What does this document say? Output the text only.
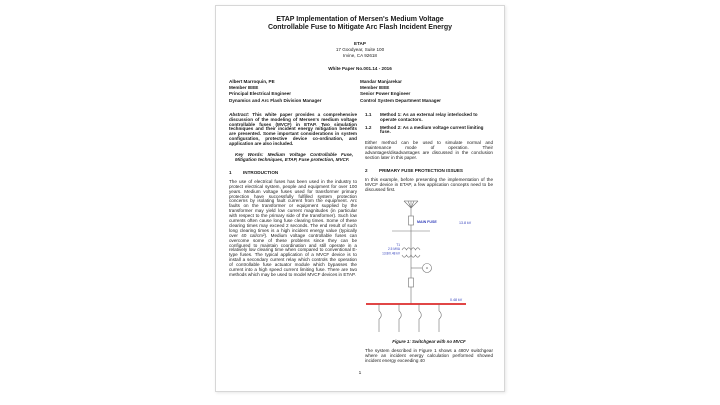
ETAP Implementation of Mersen's Medium Voltage
Controllable Fuse to Mitigate Arc Flash Incident Energy
ETAP
17 Goodyear, Suite 100
Irvine, CA 92618
White Paper No.001.14 - 2016
Albert Marroquin, PE
Member IEEE
Principal Electrical Engineer
Dynamics and Arc Flash Division Manager
Mandar Manjarekar
Member IEEE
Senior Power Engineer
Control System Department Manager

Abstract: This white paper provides a comprehensive discussion of the modeling of Mersen's medium voltage controllable fuses (MVCF) in ETAP. Two simulation techniques and their incident energy mitigation benefits are presented. Some important considerations in system configuration, protective device co-ordination, and application are also included.

Key Words: Medium Voltage Controllable Fuse, Mitigation techniques, ETAP, Fuse protection, MVCF.

1	INTRODUCTION

The use of electrical fuses has been used in the industry to protect electrical system, people and equipment for over 100 years. Medium voltage fuses used for transformer primary protection have successfully fulfilled system protection concerns by isolating fault current from the equipment. Arc faults on the transformer or equipment supplied by the transformer may yield low current magnitudes (in particular with respect to the primary side of the transformer). Such low currents often cause long fuse clearing times. Some of these clearing times may exceed 2 seconds. The end result of such long clearing times is a high incident energy value (typically over 40 cal/cm²). Medium voltage controllable fuses can overcome some of these problems since they can be configured to maintain coordination and still operate in a relatively low clearing time when compared to conventional E-type fuses. The typical application of a MVCF device is to install a secondary current relay which controls the operation of controllable fuse actuator module which bypasses the current into a high speed current limiting fuse. There are two methods which may be used to model MVCF devices in ETAP.

1.1	Method 1: As an external relay interlocked to operate contactors.
1.2	Method 2: As a medium voltage current limiting fuse.

Either method can be used to simulate normal and maintenance mode of operation. Their advantages/disadvantages are discussed in the conclusion section later in this paper.

2	PRIMARY FUSE PROTECTION ISSUES

In this example, before presenting the implementation of the MVCF device in ETAP, a few application concepts need to be discussed first.

MAIN FUSE	13.8 kV
T1
2.5 MVA
13.8/0.48 kV
0.48 kV
Figure 1: Switchgear with no MVCF

The system described in Figure 1 shows a 480V switchgear where an incident energy calculation performed showed incident energy exceeding 40

1
